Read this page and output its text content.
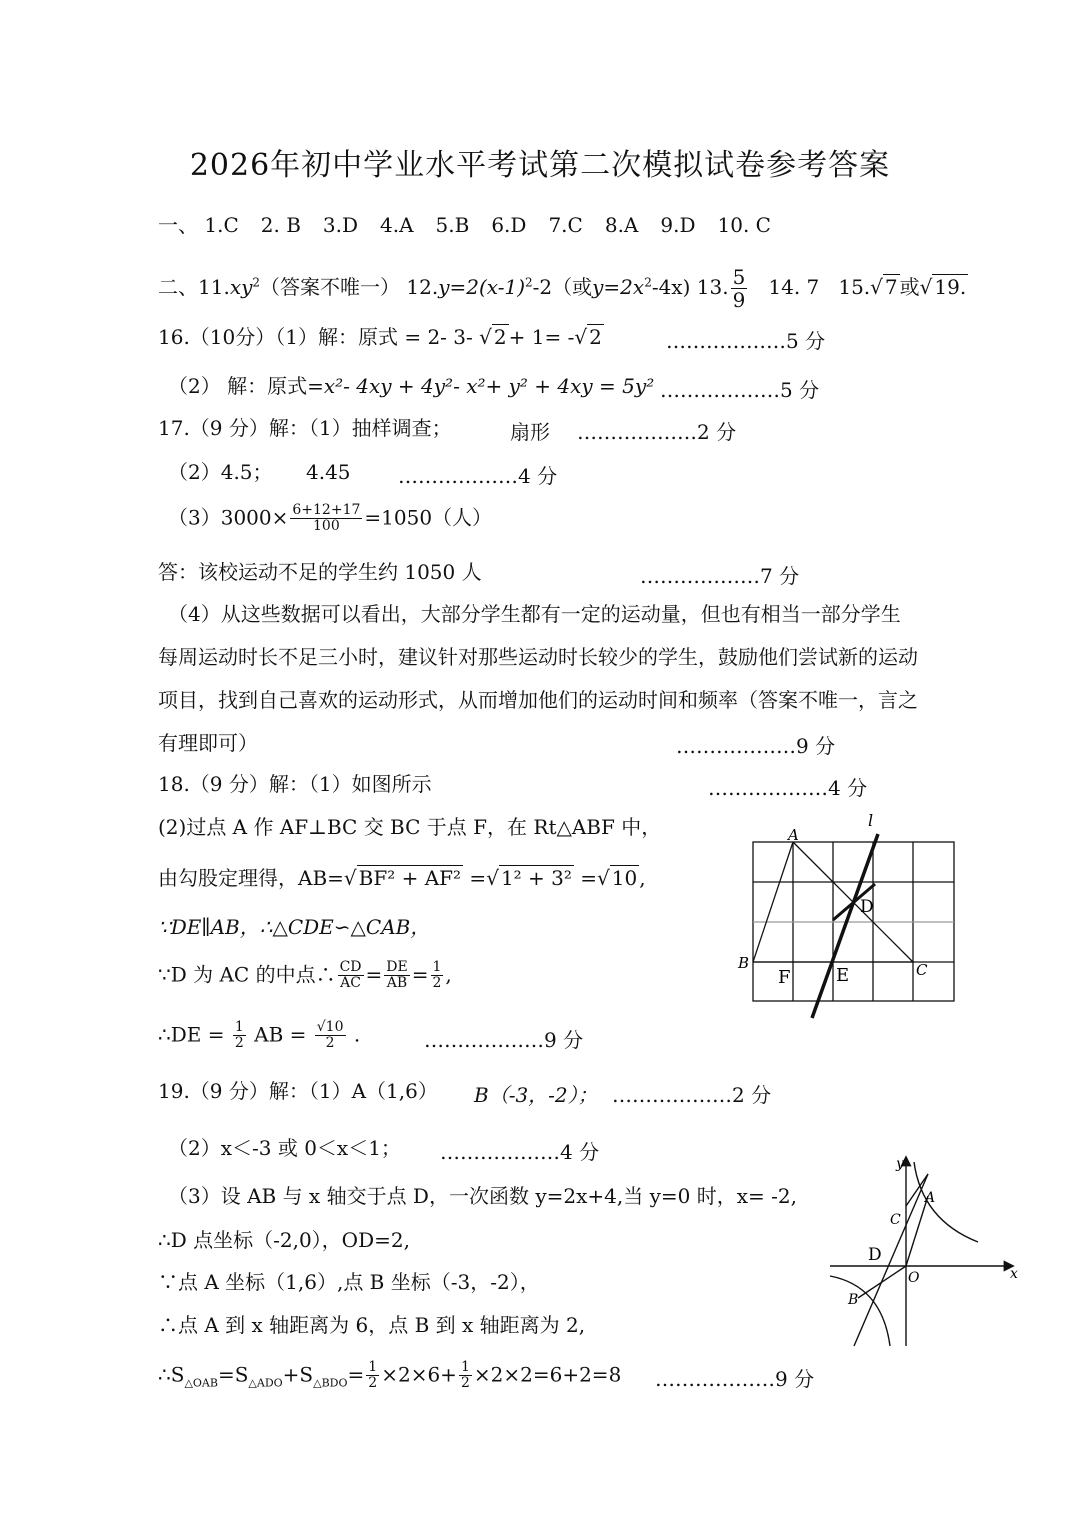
2026年初中学业水平考试第二次模拟试卷参考答案
一、 1.C 2. B 3.D 4.A 5.B 6.D 7.C 8.A 9.D 10. C
二、$11.xy^2$（答案不唯一） $12.y=2(x-1)^2-2$（或$y=2x^2-4x$) 13. $\frac{5}{9} 14$. 7 15.√ 7 或√ 19.
16.（10分）（1）解：原式 = 2- 3- √ 2 + 1= -√ 2	………………5 分
（2） 解：原式=x²- 4xy + 4y²- x²+ y² + 4xy = 5y² ………………5 分
17.（9 分）解：（1）抽样调查；	扇形 ………………2 分
（2）4.5； 4.45 ………………4 分
$(3)3000\times \frac{6+12+17}{100} =1050$（人）
答：该校运动不足的学生约 1050 人	………………7 分
（4）从这些数据可以看出，大部分学生都有一定的运动量，但也有相当一部分学生每周运动时长不足三小时，建议针对那些运动时长较少的学生，鼓励他们尝试新的运动项目，找到自己喜欢的运动形式，从而增加他们的运动时间和频率（答案不唯一，言之有理即可）	………………9 分
18.（9 分）解：（1）如图所示	………………4 分
(2)过点 A 作 AF⊥BC 交 BC 于点 F，在 Rt△ABF 中，
由勾股定理得，AB=√ BF² + AF² =√ 1² + 3² =√ 10 ,
∵DE∥AB，∴△CDE∽△CAB，
∵D 为 AC 的中点∴ $\frac{CD}{AC} = \frac{DE}{AB} = \frac{1}{2}$ ,
∴DE = $\frac{1}{2}$ AB = $\frac{√10}{2}$ .	………………9 分
A
l
D
B
F	E	C
19.（9 分）解：（1）A（1,6） B（-3，-2）； ………………2 分
（2）x＜-3 或 0＜x＜1； ………………4 分
（3）设 AB 与 x 轴交于点 D，一次函数 y=2x+4,当 y=0 时，x= -2,
∴D 点坐标（-2,0），OD=2,
∵点 A 坐标（1,6）,点 B 坐标（-3，-2），
∴点 A 到 x 轴距离为 6，点 B 到 x 轴距离为 2,
$\therefore S_{\triangle OAB}=S_{\triangle ADO}+S_{\triangle BDO}= \frac{1}{2} \times 2\times 6+ \frac{1}{2} \times 2\times 2=6+2=8$ ………………9 分
y
x
A
C
D
O
B
